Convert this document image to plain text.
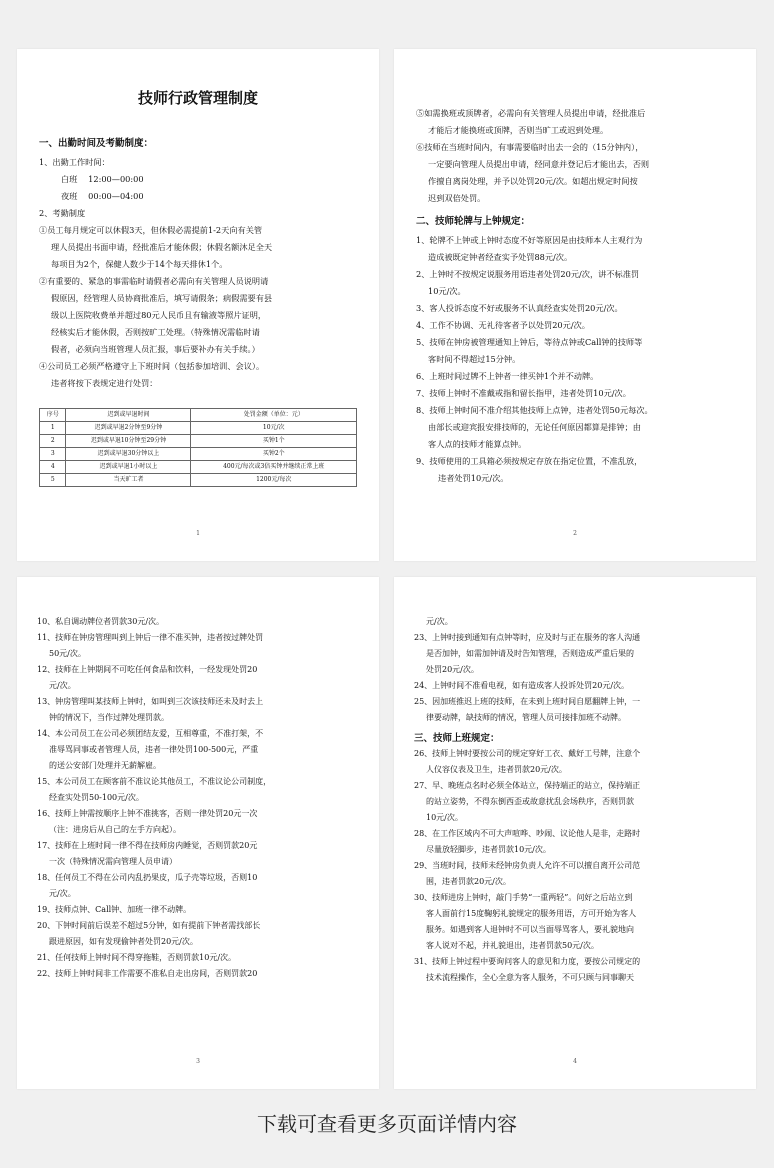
技师行政管理制度
一、出勤时间及考勤制度：

1、出勤工作时间：

白班　 12:00—00:00

夜班　 00:00—04:00

2、考勤制度

①员工每月规定可以休假3天，但休假必需提前1-2天向有关管

理人员提出书面申请，经批准后才能休假；休假名额沐足全天

每项目为2个，保健人数少于14个每天排休1个。

②有重要的、紧急的事需临时请假者必需向有关管理人员说明请

假原因，经管理人员协商批准后，填写请假条；病假需要有县

级以上医院收费单并超过80元人民币且有输液等照片证明，

经核实后才能休假，否则按旷工处理。（特殊情况需临时请

假者，必须向当班管理人员汇报，事后要补办有关手续。）

④公司员工必须严格遵守上下班时间（包括参加培训、会议）。

违者将按下表规定进行处罚：

序号	迟到或早退时间	处罚金额（单位：元）
1	迟到或早退2分钟至9分钟	10元/次
2	迟到或早退10分钟至29分钟	买钟1个
3	迟到或早退30分钟以上	买钟2个
4	迟到或早退1小时以上	400元/每次或3倍买钟并继续正常上班
5	当天旷工者	1200元/每次
1

⑤如需换班或顶牌者，必需向有关管理人员提出申请，经批准后

才能后才能换班或顶牌，否则当旷工或迟到处理。

⑥技师在当班时间内，有事需要临时出去一会的（15分钟内），

一定要向管理人员提出申请，经同意并登记后才能出去，否则

作擅自离岗处理，并予以处罚20元/次。如超出规定时间按

迟到双倍处罚。

二、技师轮牌与上钟规定：

1、轮牌不上钟或上钟时态度不好等原因是由技师本人主观行为

造成被既定钟者经查实予处罚88元/次。

2、上钟时不按规定说服务用语违者处罚20元/次，讲不标准罚

10元/次。

3、客人投诉态度不好或服务不认真经查实处罚20元/次。

4、工作不协调、无礼待客者予以处罚20元/次。

5、技师在钟房被管理通知上钟后，等待点钟或Call钟的技师等

客时间不得超过15分钟。

6、上班时间过牌不上钟者一律买钟1个并不动牌。

7、技师上钟时不准戴戒指和留长指甲，违者处罚10元/次。

8、技师上钟时间不准介绍其他技师上点钟，违者处罚50元每次。

由部长或迎宾报安排技师的，无论任何原因都算是排钟；由

客人点的技师才能算点钟。

9、技师使用的工具箱必须按规定存放在指定位置，不准乱放，

违者处罚10元/次。

2

10、私自调动牌位者罚款30元/次。

11、技师在钟房管理叫到上钟后一律不准买钟，违者按过牌处罚

50元/次。

12、技师在上钟期间不可吃任何食品和饮料，一经发现处罚20

元/次。

13、钟房管理叫某技师上钟时，如叫到三次该技师还未及时去上

钟的情况下，当作过牌处理罚款。

14、本公司员工在公司必须团结友爱，互相尊重，不准打架，不

准辱骂同事或者管理人员，违者一律处罚100-500元，严重

的送公安部门处理并无薪解雇。

15、本公司员工在顾客前不准议论其他员工，不准议论公司制度，

经查实处罚50-100元/次。

16、技师上钟需按顺序上钟不准挑客，否则一律处罚20元一次

（注：进房后从自己的左手方向起）。

17、技师在上班时间一律不得在技师房内睡觉，否则罚款20元

一次（特殊情况需向管理人员申请）

18、任何员工不得在公司内乱扔果皮，瓜子壳等垃圾，否则10

元/次。

19、技师点钟、Call钟、加班一律不动牌。

20、下钟时间前后误差不超过5分钟，如有提前下钟者需找部长

跟进原因，如有发现偷钟者处罚20元/次。

21、任何技师上钟时间不得穿拖鞋，否则罚款10元/次。

22、技师上钟时间非工作需要不准私自走出房间，否则罚款20

3

元/次。

23、上钟时接到通知有点钟等时，应及时与正在服务的客人沟通

是否加钟，如需加钟请及时告知管理，否则造成严重后果的

处罚20元/次。

24、上钟时间不准看电视，如有造成客人投诉处罚20元/次。

25、因加班推迟上班的技师，在未到上班时间自愿翻牌上钟，一

律要动牌，缺技师的情况，管理人员可接排加班不动牌。

三、技师上班规定：

26、技师上钟时要按公司的规定穿好工衣、戴好工号牌，注意个

人仪容仪表及卫生，违者罚款20元/次。

27、早、晚班点名时必须全体站立，保持端正的站立，保持端正

的站立姿势，不得东倒西歪或故意扰乱会场秩序，否则罚款

10元/次。

28、在工作区域内不可大声喧哗、吵闹、议论他人是非，走路时

尽量放轻脚步，违者罚款10元/次。

29、当班时间，技师未经钟房负责人允许不可以擅自离开公司范

围，违者罚款20元/次。

30、技师进房上钟时，敲门手势“一重两轻”。问好之后站立到

客人面前行15度鞠躬礼貌规定的服务用语，方可开始为客人

服务。如遇到客人退钟时不可以当面辱骂客人，要礼貌地向

客人说对不起，并礼貌退出，违者罚款50元/次。

31、技师上钟过程中要询问客人的意见和力度，要按公司规定的

技术流程操作，全心全意为客人服务，不可只顾与同事聊天

4
下载可查看更多页面详情内容
